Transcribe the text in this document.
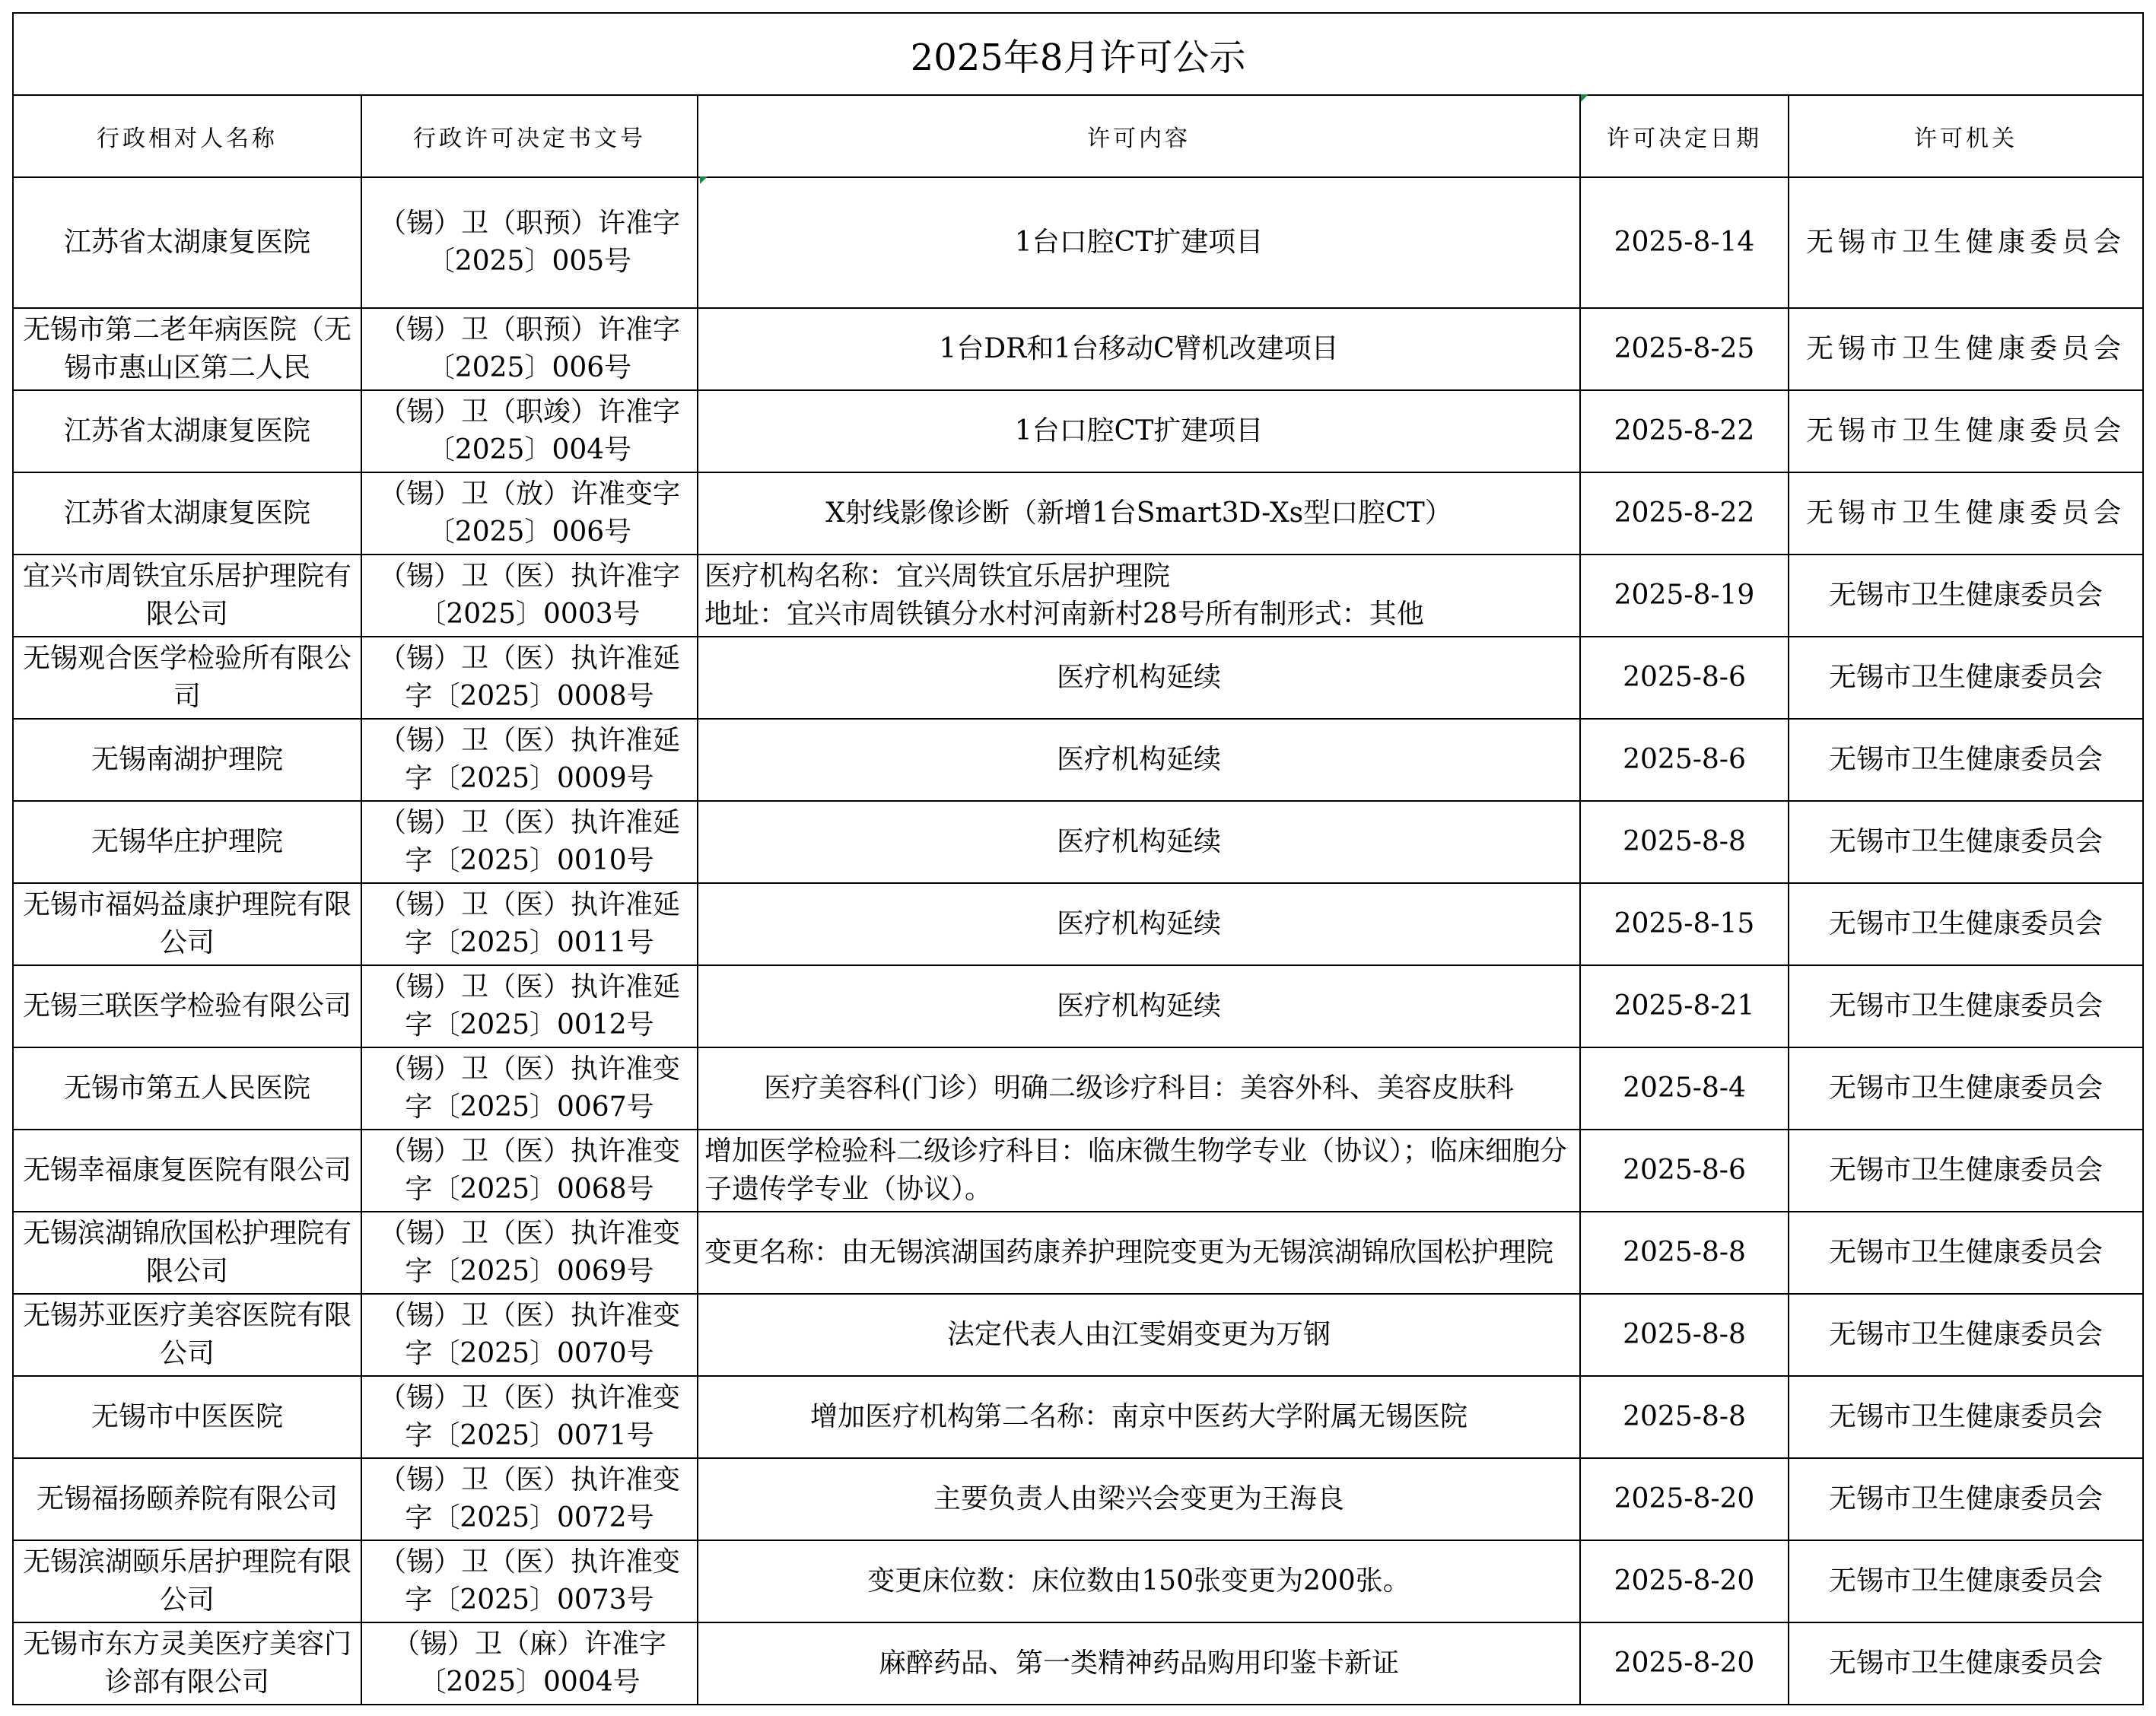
2025年8月许可公示				
行政相对人名称	行政许可决定书文号	许可内容	许可决定日期	许可机关

江苏省太湖康复医院	（锡）卫（职预）许准字〔2025〕005号	1台口腔CT扩建项目	2025-8-14	无锡市卫生健康委员会

无锡市第二老年病医院（无锡市惠山区第二人民	（锡）卫（职预）许准字〔2025〕006号	1台DR和1台移动C臂机改建项目	2025-8-25	无锡市卫生健康委员会

江苏省太湖康复医院	（锡）卫（职竣）许准字〔2025〕004号	1台口腔CT扩建项目	2025-8-22	无锡市卫生健康委员会

江苏省太湖康复医院	（锡）卫（放）许准变字〔2025〕006号	X射线影像诊断（新增1台Smart3D-Xs型口腔CT）	2025-8-22	无锡市卫生健康委员会

宜兴市周铁宜乐居护理院有限公司	（锡）卫（医）执许准字〔2025〕0003号	医疗机构名称：宜兴周铁宜乐居护理院
地址：宜兴市周铁镇分水村河南新村28号所有制形式：其他	2025-8-19	无锡市卫生健康委员会

无锡观合医学检验所有限公司	（锡）卫（医）执许准延字〔2025〕0008号	医疗机构延续	2025-8-6	无锡市卫生健康委员会

无锡南湖护理院	（锡）卫（医）执许准延字〔2025〕0009号	医疗机构延续	2025-8-6	无锡市卫生健康委员会

无锡华庄护理院	（锡）卫（医）执许准延字〔2025〕0010号	医疗机构延续	2025-8-8	无锡市卫生健康委员会

无锡市福妈益康护理院有限公司	（锡）卫（医）执许准延字〔2025〕0011号	医疗机构延续	2025-8-15	无锡市卫生健康委员会

无锡三联医学检验有限公司	（锡）卫（医）执许准延字〔2025〕0012号	医疗机构延续	2025-8-21	无锡市卫生健康委员会

无锡市第五人民医院	（锡）卫（医）执许准变字〔2025〕0067号	医疗美容科(门诊）明确二级诊疗科目：美容外科、美容皮肤科	2025-8-4	无锡市卫生健康委员会

无锡幸福康复医院有限公司	（锡）卫（医）执许准变字〔2025〕0068号	增加医学检验科二级诊疗科目：临床微生物学专业（协议）；临床细胞分子遗传学专业（协议）。	2025-8-6	无锡市卫生健康委员会

无锡滨湖锦欣国松护理院有限公司	（锡）卫（医）执许准变字〔2025〕0069号	变更名称：由无锡滨湖国药康养护理院变更为无锡滨湖锦欣国松护理院	2025-8-8	无锡市卫生健康委员会

无锡苏亚医疗美容医院有限公司	（锡）卫（医）执许准变字〔2025〕0070号	法定代表人由江雯娟变更为万钢	2025-8-8	无锡市卫生健康委员会

无锡市中医医院	（锡）卫（医）执许准变字〔2025〕0071号	增加医疗机构第二名称：南京中医药大学附属无锡医院	2025-8-8	无锡市卫生健康委员会

无锡福扬颐养院有限公司	（锡）卫（医）执许准变字〔2025〕0072号	主要负责人由梁兴会变更为王海良	2025-8-20	无锡市卫生健康委员会

无锡滨湖颐乐居护理院有限公司	（锡）卫（医）执许准变字〔2025〕0073号	变更床位数：床位数由150张变更为200张。	2025-8-20	无锡市卫生健康委员会

无锡市东方灵美医疗美容门诊部有限公司	（锡）卫（麻）许准字〔2025〕0004号	麻醉药品、第一类精神药品购用印鉴卡新证	2025-8-20	无锡市卫生健康委员会
